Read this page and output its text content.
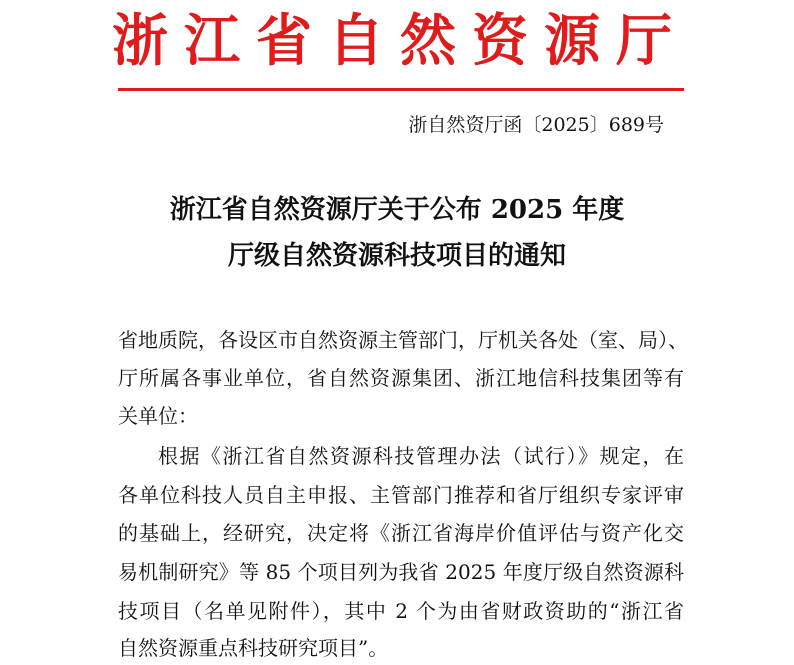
浙江省自然资源厅
浙自然资厅函〔2025〕689号
浙江省自然资源厅关于公布 2025 年度
厅级自然资源科技项目的通知
省地质院，各设区市自然资源主管部门，厅机关各处（室、局）、
厅所属各事业单位，省自然资源集团、浙江地信科技集团等有
关单位：
根据《浙江省自然资源科技管理办法（试行）》规定，在
各单位科技人员自主申报、主管部门推荐和省厅组织专家评审
的基础上，经研究，决定将《浙江省海岸价值评估与资产化交
易机制研究》等 85 个项目列为我省 2025 年度厅级自然资源科
技项目（名单见附件），其中 2 个为由省财政资助的“浙江省
自然资源重点科技研究项目”。
